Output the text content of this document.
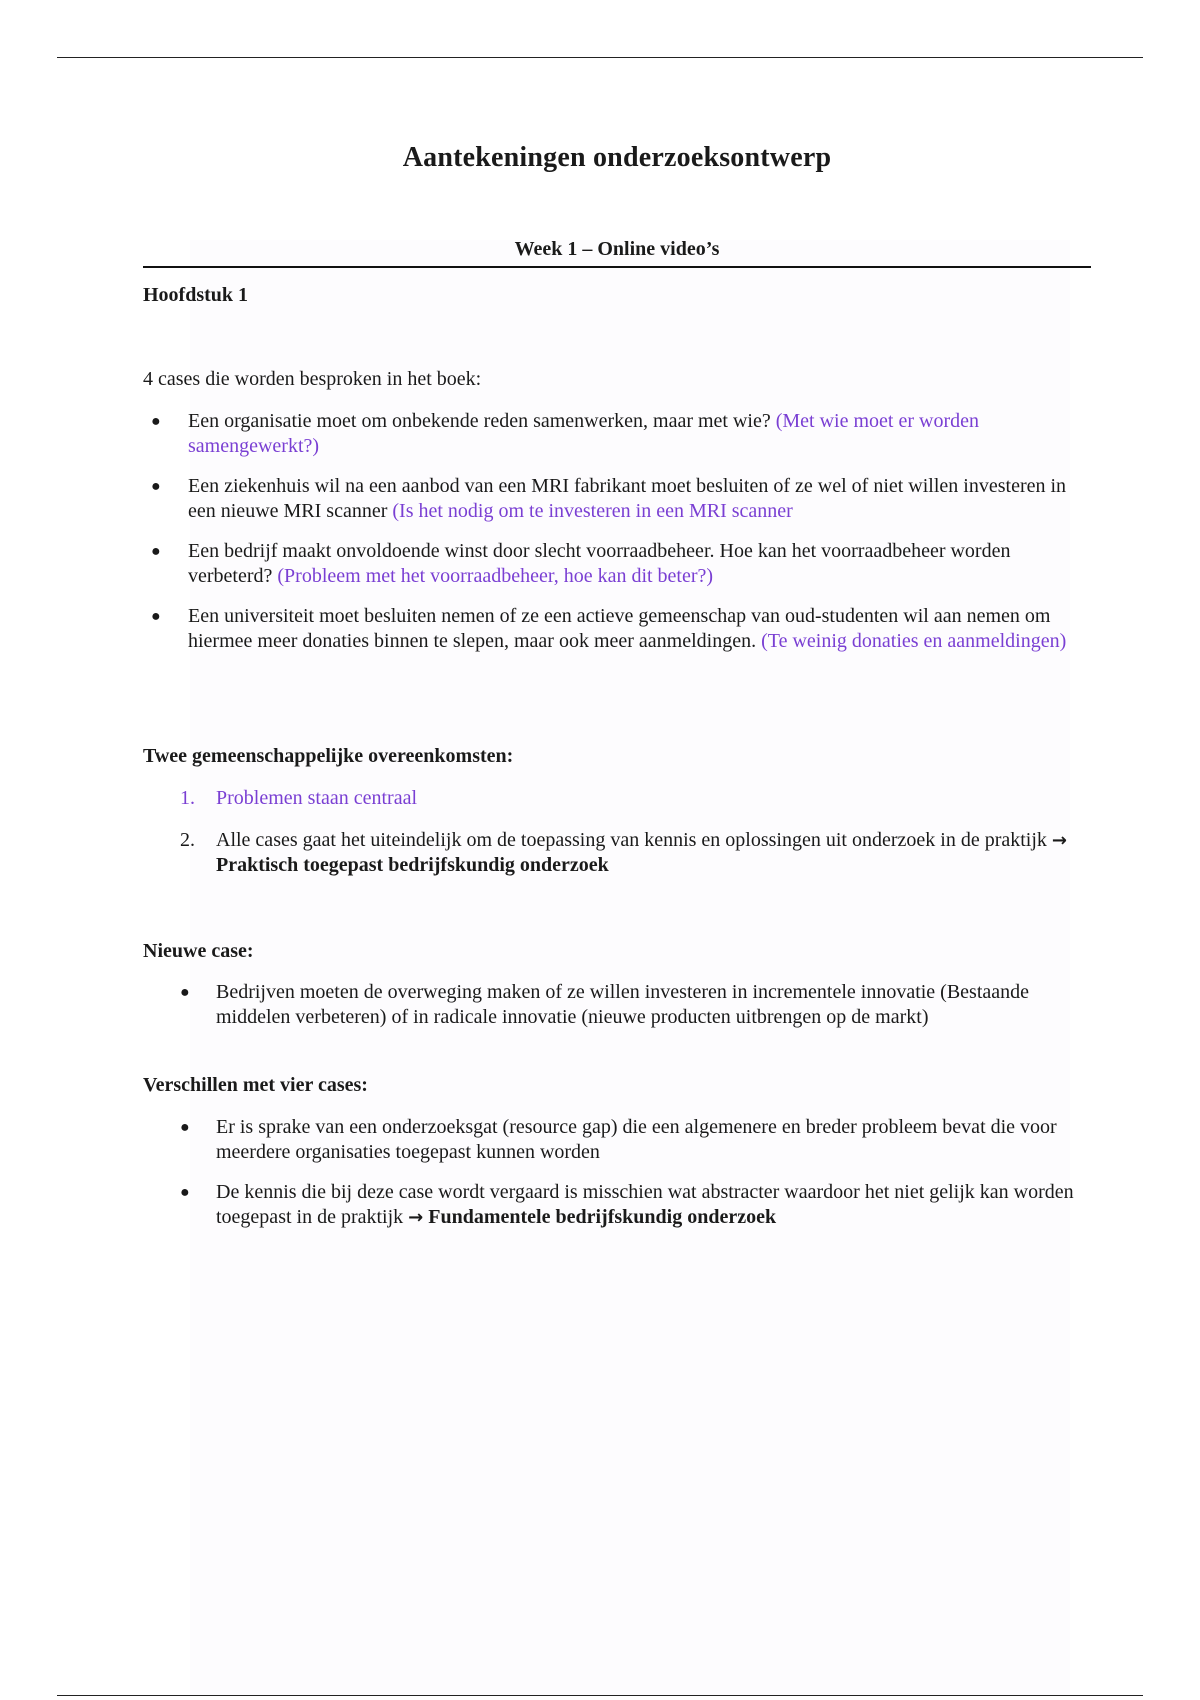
Aantekeningen onderzoeksontwerp
Week 1 – Online video’s
Hoofdstuk 1
4 cases die worden besproken in het boek:
● Een organisatie moet om onbekende reden samenwerken, maar met wie? (Met wie moet er worden samengewerkt?)
● Een ziekenhuis wil na een aanbod van een MRI fabrikant moet besluiten of ze wel of niet willen investeren in een nieuwe MRI scanner (Is het nodig om te investeren in een MRI scanner
● Een bedrijf maakt onvoldoende winst door slecht voorraadbeheer. Hoe kan het voorraadbeheer worden verbeterd? (Probleem met het voorraadbeheer, hoe kan dit beter?)
● Een universiteit moet besluiten nemen of ze een actieve gemeenschap van oud-studenten wil aan nemen om hiermee meer donaties binnen te slepen, maar ook meer aanmeldingen. (Te weinig donaties en aanmeldingen)
Twee gemeenschappelijke overeenkomsten:
1. Problemen staan centraal
2. Alle cases gaat het uiteindelijk om de toepassing van kennis en oplossingen uit onderzoek in de praktijk → Praktisch toegepast bedrijfskundig onderzoek
Nieuwe case:
● Bedrijven moeten de overweging maken of ze willen investeren in incrementele innovatie (Bestaande middelen verbeteren) of in radicale innovatie (nieuwe producten uitbrengen op de markt)
Verschillen met vier cases:
● Er is sprake van een onderzoeksgat (resource gap) die een algemenere en breder probleem bevat die voor meerdere organisaties toegepast kunnen worden
● De kennis die bij deze case wordt vergaard is misschien wat abstracter waardoor het niet gelijk kan worden toegepast in de praktijk → Fundamentele bedrijfskundig onderzoek
